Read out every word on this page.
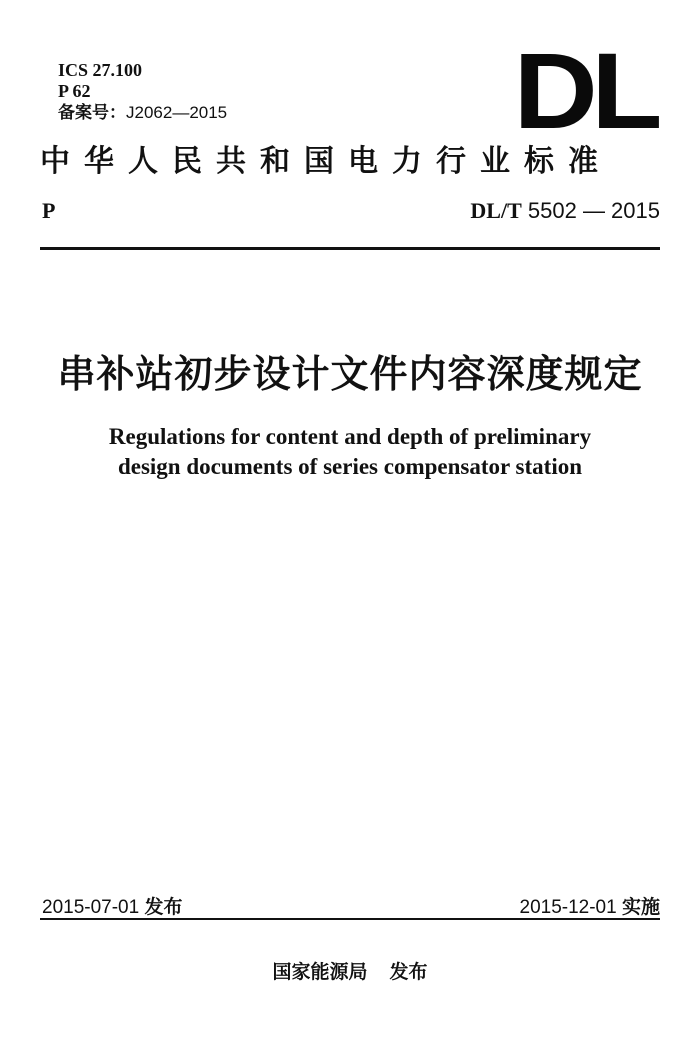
ICS 27.100
P 62
备案号：J2062—2015	DL
中华人民共和国电力行业标准
P	DL/T 5502 — 2015
串补站初步设计文件内容深度规定
Regulations for content and depth of preliminary
design documents of series compensator station
2015-07-01 发布	2015-12-01 实施
国家能源局 发布
